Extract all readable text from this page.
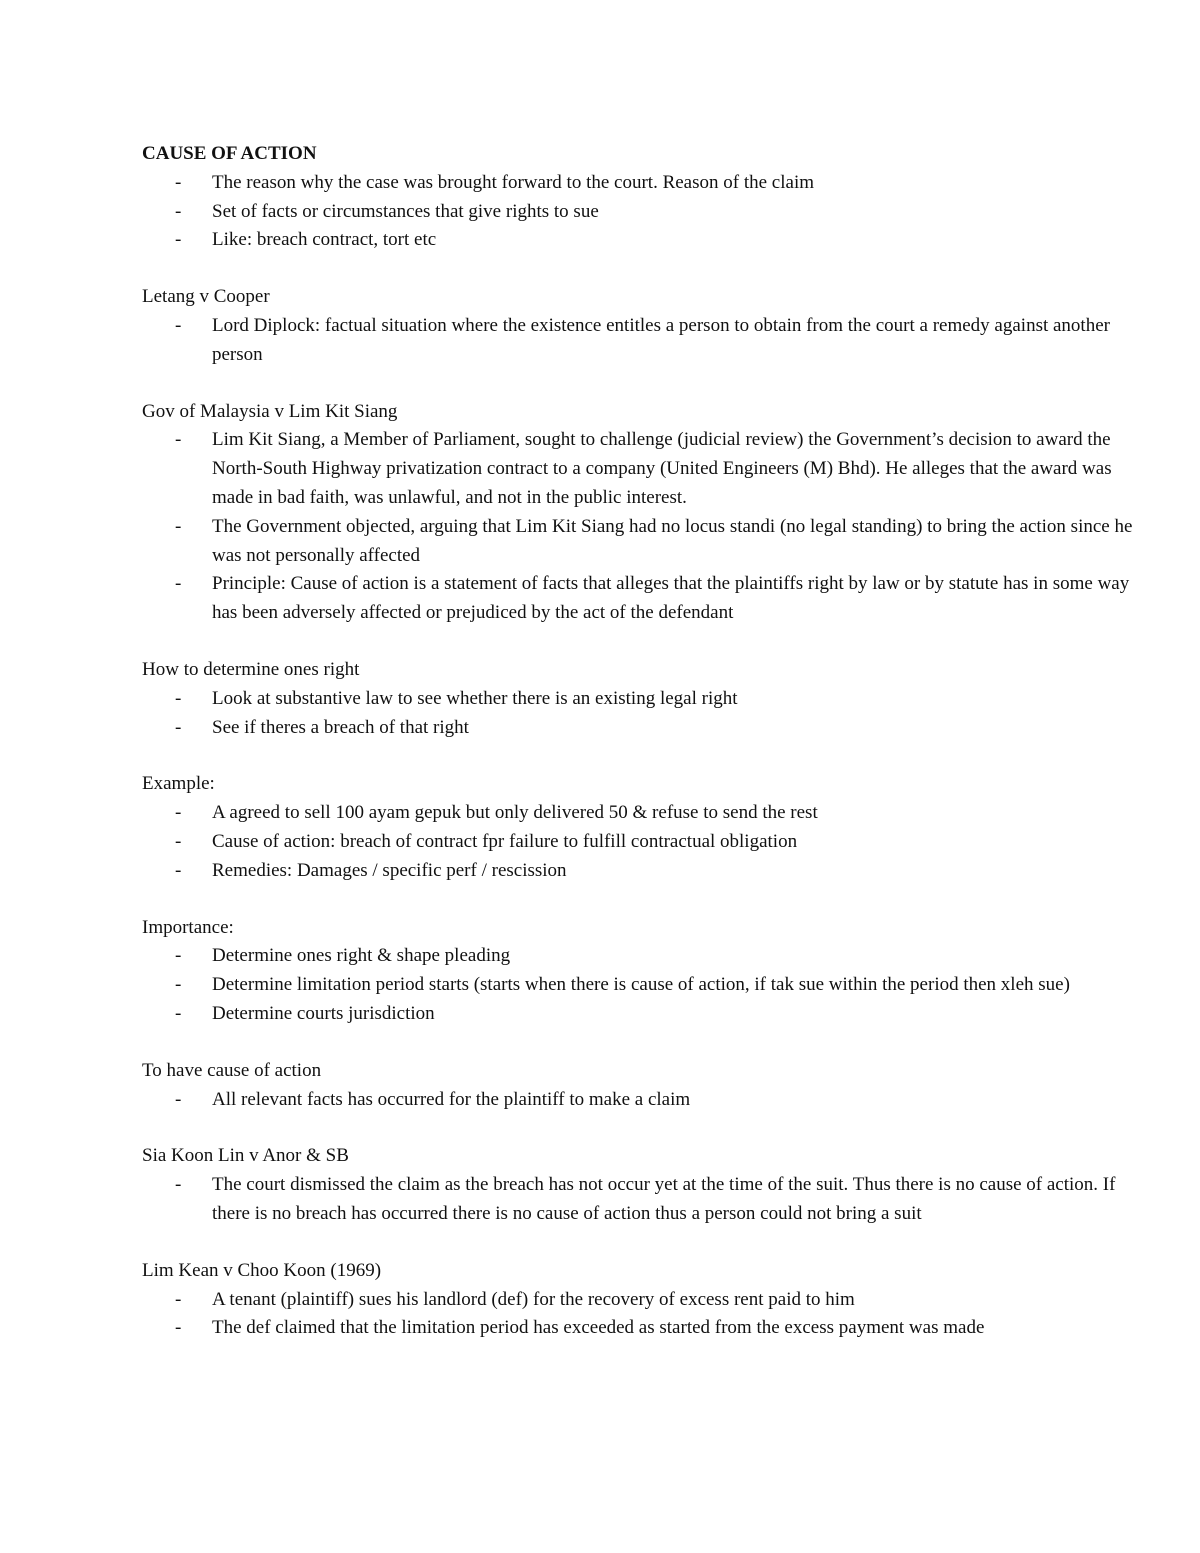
CAUSE OF ACTION

- The reason why the case was brought forward to the court. Reason of the claim
- Set of facts or circumstances that give rights to sue
- Like: breach contract, tort etc

Letang v Cooper

- Lord Diplock: factual situation where the existence entitles a person to obtain from the court a remedy against another person

Gov of Malaysia v Lim Kit Siang

- Lim Kit Siang, a Member of Parliament, sought to challenge (judicial review) the Government’s decision to award the North-South Highway privatization contract to a company (United Engineers (M) Bhd). He alleges that the award was made in bad faith, was unlawful, and not in the public interest.
- The Government objected, arguing that Lim Kit Siang had no locus standi (no legal standing) to bring the action since he was not personally affected
- Principle: Cause of action is a statement of facts that alleges that the plaintiffs right by law or by statute has in some way has been adversely affected or prejudiced by the act of the defendant

How to determine ones right

- Look at substantive law to see whether there is an existing legal right
- See if theres a breach of that right

Example:

- A agreed to sell 100 ayam gepuk but only delivered 50 & refuse to send the rest
- Cause of action: breach of contract fpr failure to fulfill contractual obligation
- Remedies: Damages / specific perf / rescission

Importance:

- Determine ones right & shape pleading
- Determine limitation period starts (starts when there is cause of action, if tak sue within the period then xleh sue)
- Determine courts jurisdiction

To have cause of action

- All relevant facts has occurred for the plaintiff to make a claim

Sia Koon Lin v Anor & SB

- The court dismissed the claim as the breach has not occur yet at the time of the suit. Thus there is no cause of action. If there is no breach has occurred there is no cause of action thus a person could not bring a suit

Lim Kean v Choo Koon (1969)

- A tenant (plaintiff) sues his landlord (def) for the recovery of excess rent paid to him
- The def claimed that the limitation period has exceeded as started from the excess payment was made
